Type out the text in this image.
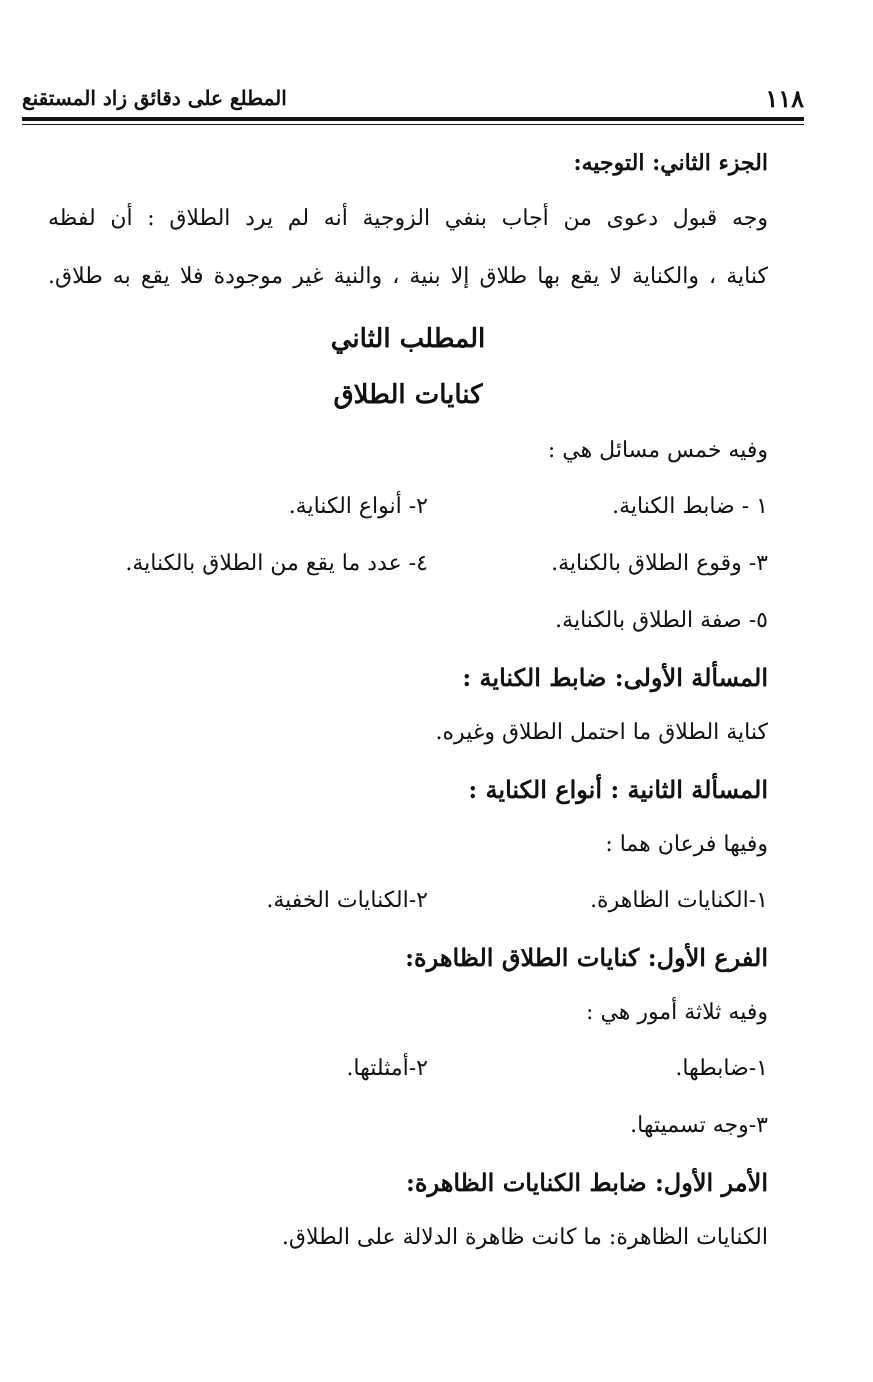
١١٨
المطلع على دقائق زاد المستقنع
الجزء الثاني: التوجيه:
وجه قبول دعوى من أجاب بنفي الزوجية أنه لم يرد الطلاق : أن لفظه
كناية ، والكناية لا يقع بها طلاق إلا بنية ، والنية غير موجودة فلا يقع به طلاق.
المطلب الثاني
كنايات الطلاق
وفيه خمس مسائل هي :
١ - ضابط الكناية.
٢- أنواع الكناية.
٣- وقوع الطلاق بالكناية.
٤- عدد ما يقع من الطلاق بالكناية.
٥- صفة الطلاق بالكناية.
المسألة الأولى: ضابط الكناية :
كناية الطلاق ما احتمل الطلاق وغيره.
المسألة الثانية : أنواع الكناية :
وفيها فرعان هما :
١-الكنايات الظاهرة.
٢-الكنايات الخفية.
الفرع الأول: كنايات الطلاق الظاهرة:
وفيه ثلاثة أمور هي :
١-ضابطها.
٢-أمثلتها.
٣-وجه تسميتها.
الأمر الأول: ضابط الكنايات الظاهرة:
الكنايات الظاهرة: ما كانت ظاهرة الدلالة على الطلاق.
